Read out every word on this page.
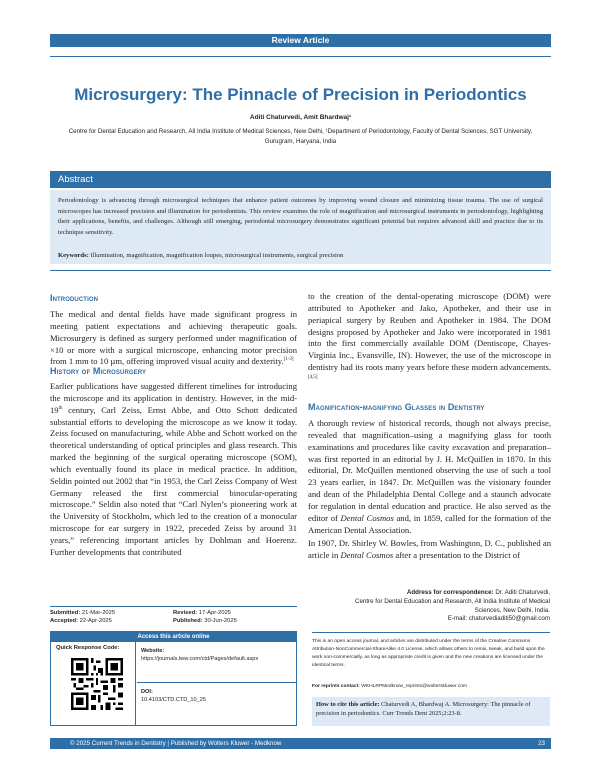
Review Article
Microsurgery: The Pinnacle of Precision in Periodontics
Aditi Chaturvedi, Amit Bhardwaj¹
Centre for Dental Education and Research, All India Institute of Medical Sciences, New Delhi, ¹Department of Periodontology, Faculty of Dental Sciences, SGT University, Gurugram, Haryana, India
Abstract

Periodontology is advancing through microsurgical techniques that enhance patient outcomes by improving wound closure and minimizing tissue trauma. The use of surgical microscopes has increased precision and illumination for periodontists. This review examines the role of magnification and microsurgical instruments in periodontology, highlighting their applications, benefits, and challenges. Although still emerging, periodontal microsurgery demonstrates significant potential but requires advanced skill and practice due to its technique sensitivity.

Keywords: Illumination, magnification, magnification loupes, microsurgical instruments, surgical precision
Introduction

The medical and dental fields have made significant progress in meeting patient expectations and achieving therapeutic goals. Microsurgery is defined as surgery performed under magnification of ×10 or more with a surgical microscope, enhancing motor precision from 1 mm to 10 µm, offering improved visual acuity and dexterity.[1-3]

History of Microsurgery

Earlier publications have suggested different timelines for introducing the microscope and its application in dentistry. However, in the mid-19th century, Carl Zeiss, Ernst Abbe, and Otto Schott dedicated substantial efforts to developing the microscope as we know it today. Zeiss focused on manufacturing, while Abbe and Schott worked on the theoretical understanding of optical principles and glass research. This marked the beginning of the surgical operating microscope (SOM), which eventually found its place in medical practice. In addition, Seldin pointed out 2002 that “in 1953, the Carl Zeiss Company of West Germany released the first commercial binocular-operating microscope.” Seldin also noted that “Carl Nylen’s pioneering work at the University of Stockholm, which led to the creation of a monocular microscope for ear surgery in 1922, preceded Zeiss by around 31 years,” referencing important articles by Dohlman and Hoerenz. Further developments that contributed

to the creation of the dental-operating microscope (DOM) were attributed to Apotheker and Jako, Apotheker, and their use in periapical surgery by Reuben and Apotheker in 1984. The DOM designs proposed by Apotheker and Jako were incorporated in 1981 into the first commercially available DOM (Dentiscope, Chayes-Virginia Inc., Evansville, IN). However, the use of the microscope in dentistry had its roots many years before these modern advancements.[4,5]

Magnification-magnifying Glasses in Dentistry

A thorough review of historical records, though not always precise, revealed that magnification–using a magnifying glass for tooth examinations and procedures like cavity excavation and preparation–was first reported in an editorial by J. H. McQuillen in 1870. In this editorial, Dr. McQuillen mentioned observing the use of such a tool 23 years earlier, in 1847. Dr. McQuillen was the visionary founder and dean of the Philadelphia Dental College and a staunch advocate for regulation in dental education and practice. He also served as the editor of Dental Cosmos and, in 1859, called for the formation of the American Dental Association.

In 1907, Dr. Shirley W. Bowles, from Washington, D. C., published an article in Dental Cosmos after a presentation to the District of

Submitted: 21-Mar-2025	Revised: 17-Apr-2025
Accepted: 22-Apr-2025	Published: 30-Jun-2025
Access this article online
Quick Response Code:	Website:
https://journals.lww.com/ctd/Pages/default.aspx
DOI:
10.4103/CTD.CTD_10_25
Address for correspondence: Dr. Aditi Chaturvedi,
Centre for Dental Education and Research, All India Institute of Medical
Sciences, New Delhi, India.
E-mail: chaturvediaditi50@gmail.com
This is an open access journal, and articles are distributed under the terms of the Creative Commons Attribution-NonCommercial-ShareAlike 4.0 License, which allows others to remix, tweak, and build upon the work non-commercially, as long as appropriate credit is given and the new creations are licensed under the identical terms.
For reprints contact: WKHLRPMedknow_reprints@wolterskluwer.com
How to cite this article: Chaturvedi A, Bhardwaj A. Microsurgery: The pinnacle of precision in periodontics. Curr Trends Dent 2025;2:23-8.
© 2025 Current Trends in Dentistry | Published by Wolters Kluwer - Medknow	23
